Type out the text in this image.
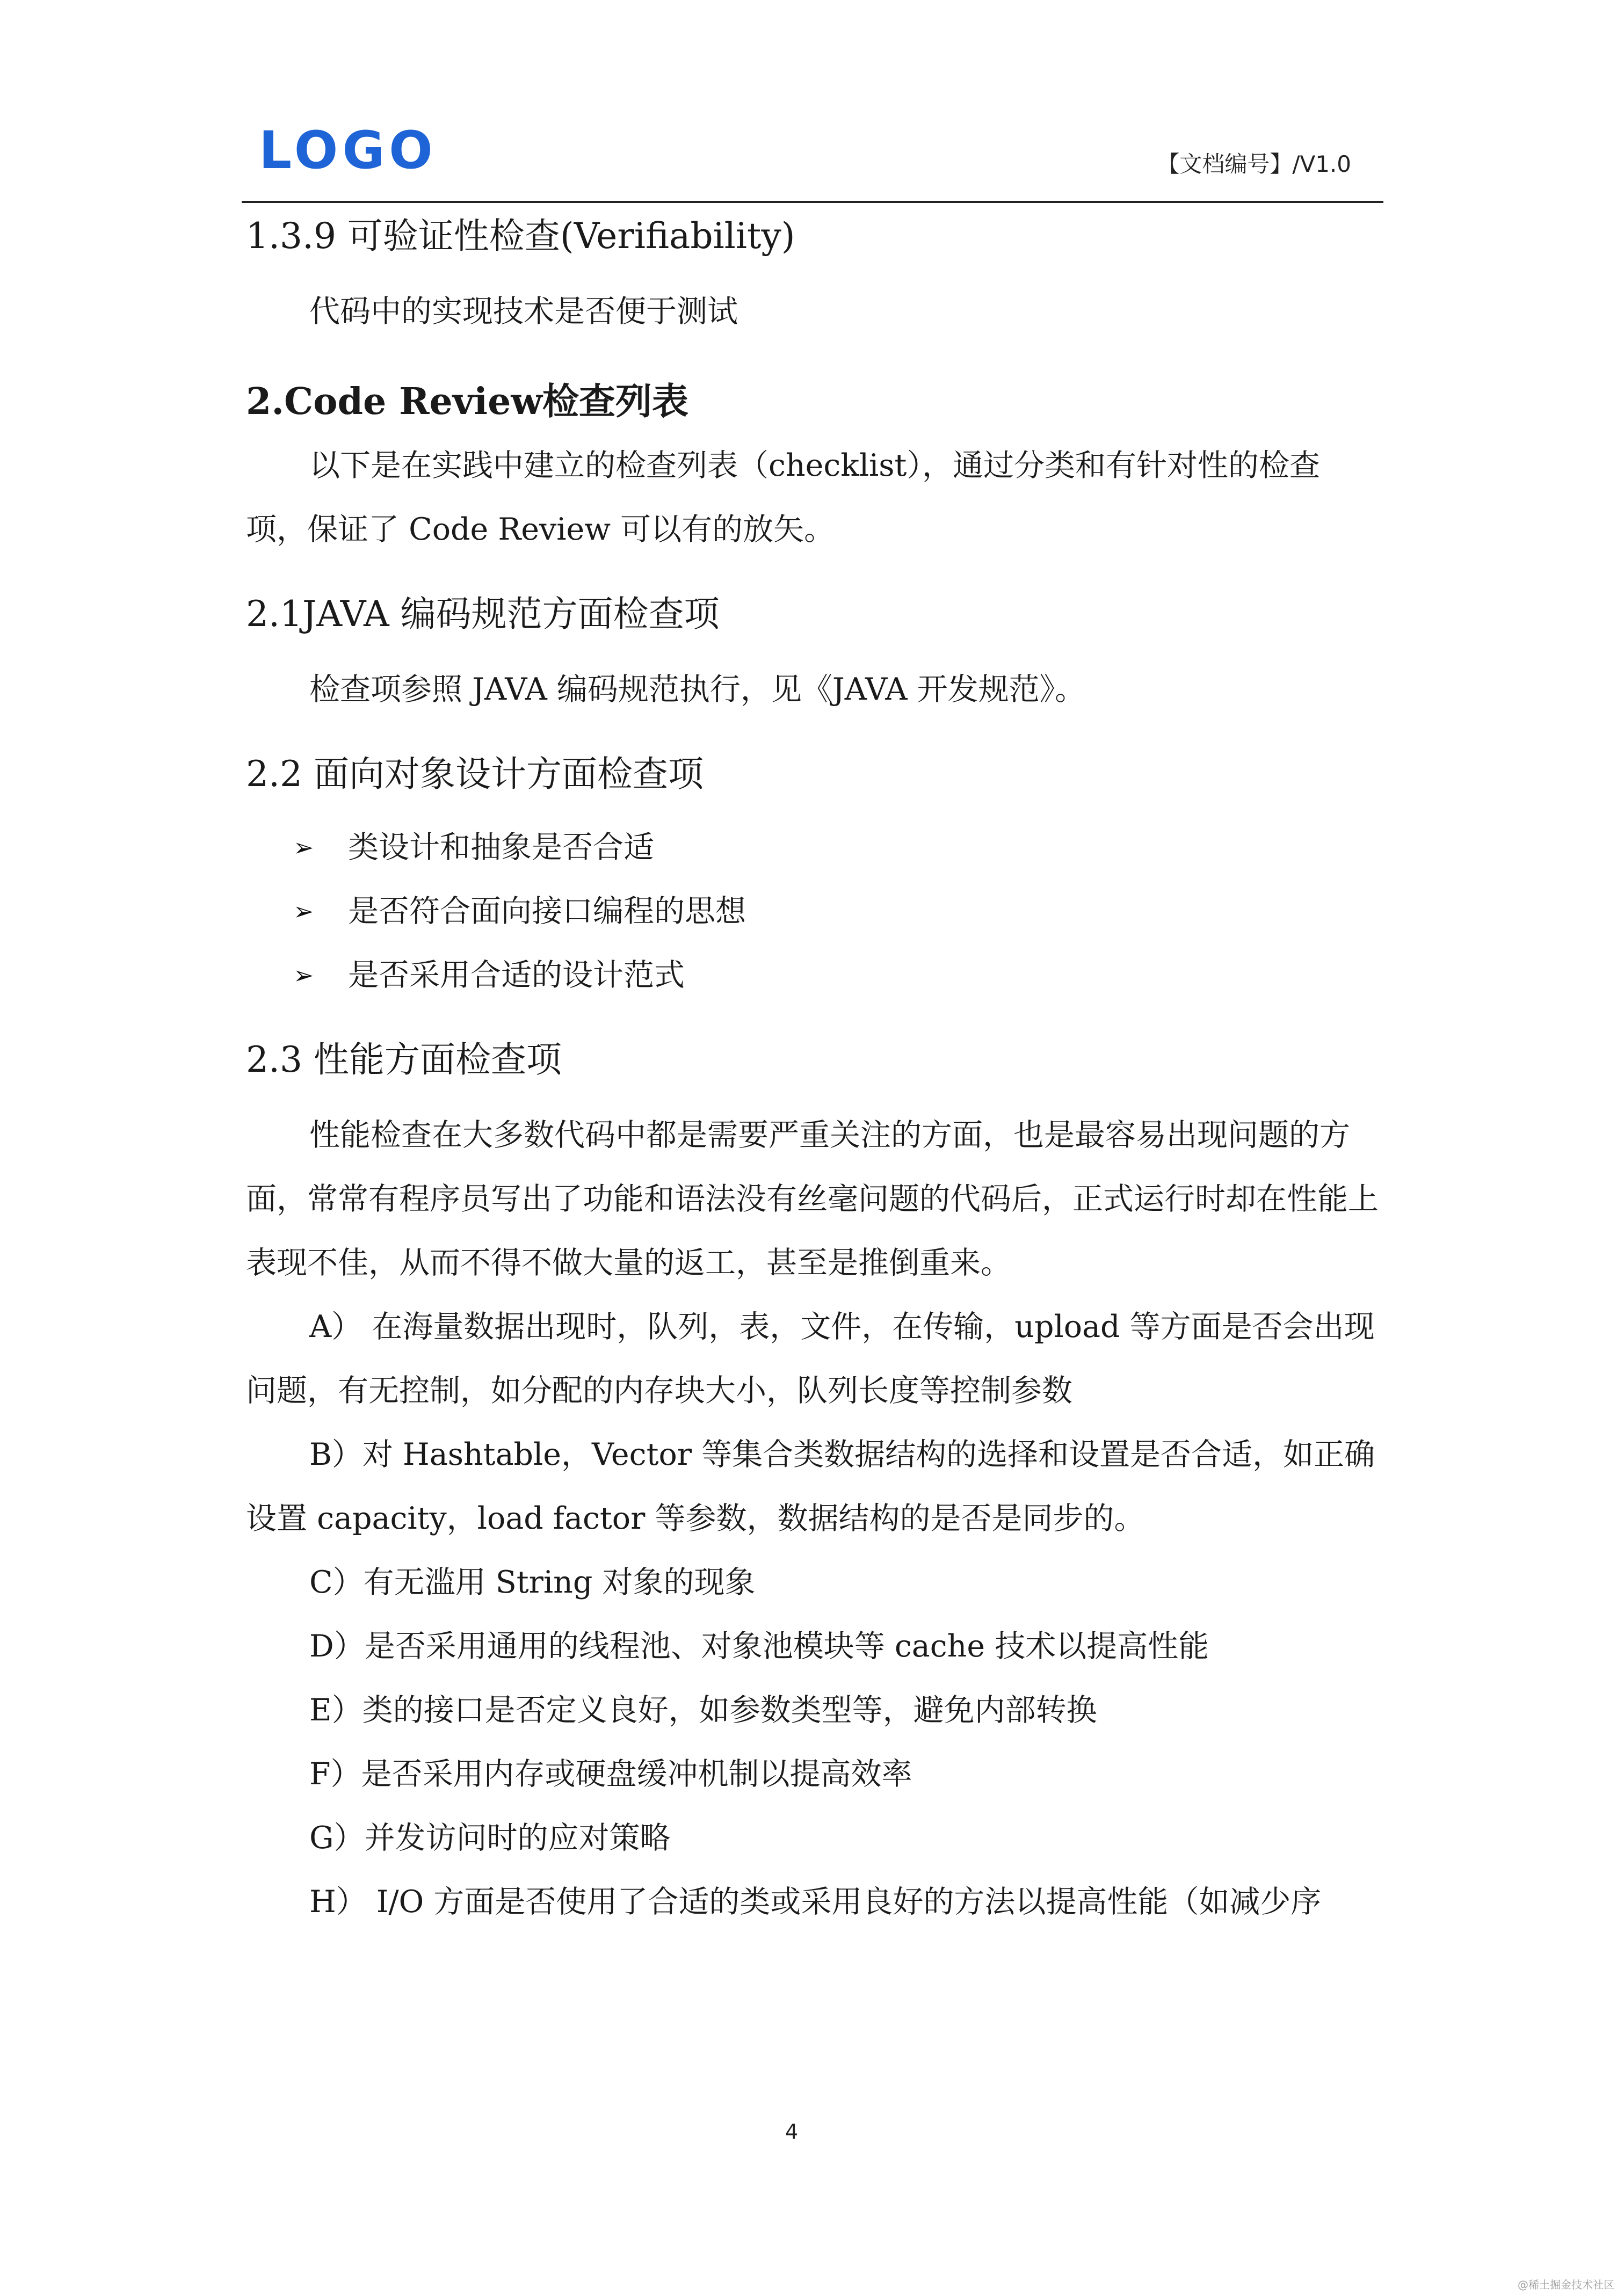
LOGO	【文档编号】/V1.0
1.3.9 可验证性检查(Verifiability)

代码中的实现技术是否便于测试

2.Code Review检查列表

以下是在实践中建立的检查列表（checklist），通过分类和有针对性的检查项，保证了 Code Review 可以有的放矢。

2.1JAVA 编码规范方面检查项

检查项参照 JAVA 编码规范执行，见《JAVA 开发规范》。

2.2 面向对象设计方面检查项
➢ 类设计和抽象是否合适
➢ 是否符合面向接口编程的思想
➢ 是否采用合适的设计范式
2.3 性能方面检查项

性能检查在大多数代码中都是需要严重关注的方面，也是最容易出现问题的方面，常常有程序员写出了功能和语法没有丝毫问题的代码后，正式运行时却在性能上表现不佳，从而不得不做大量的返工，甚至是推倒重来。

A） 在海量数据出现时，队列，表，文件，在传输，upload 等方面是否会出现问题，有无控制，如分配的内存块大小，队列长度等控制参数

B）对 Hashtable，Vector 等集合类数据结构的选择和设置是否合适，如正确设置 capacity，load factor 等参数，数据结构的是否是同步的。

C）有无滥用 String 对象的现象

D）是否采用通用的线程池、对象池模块等 cache 技术以提高性能

E）类的接口是否定义良好，如参数类型等，避免内部转换

F）是否采用内存或硬盘缓冲机制以提高效率

G）并发访问时的应对策略

H） I/O 方面是否使用了合适的类或采用良好的方法以提高性能（如减少序

4
@稀土掘金技术社区
